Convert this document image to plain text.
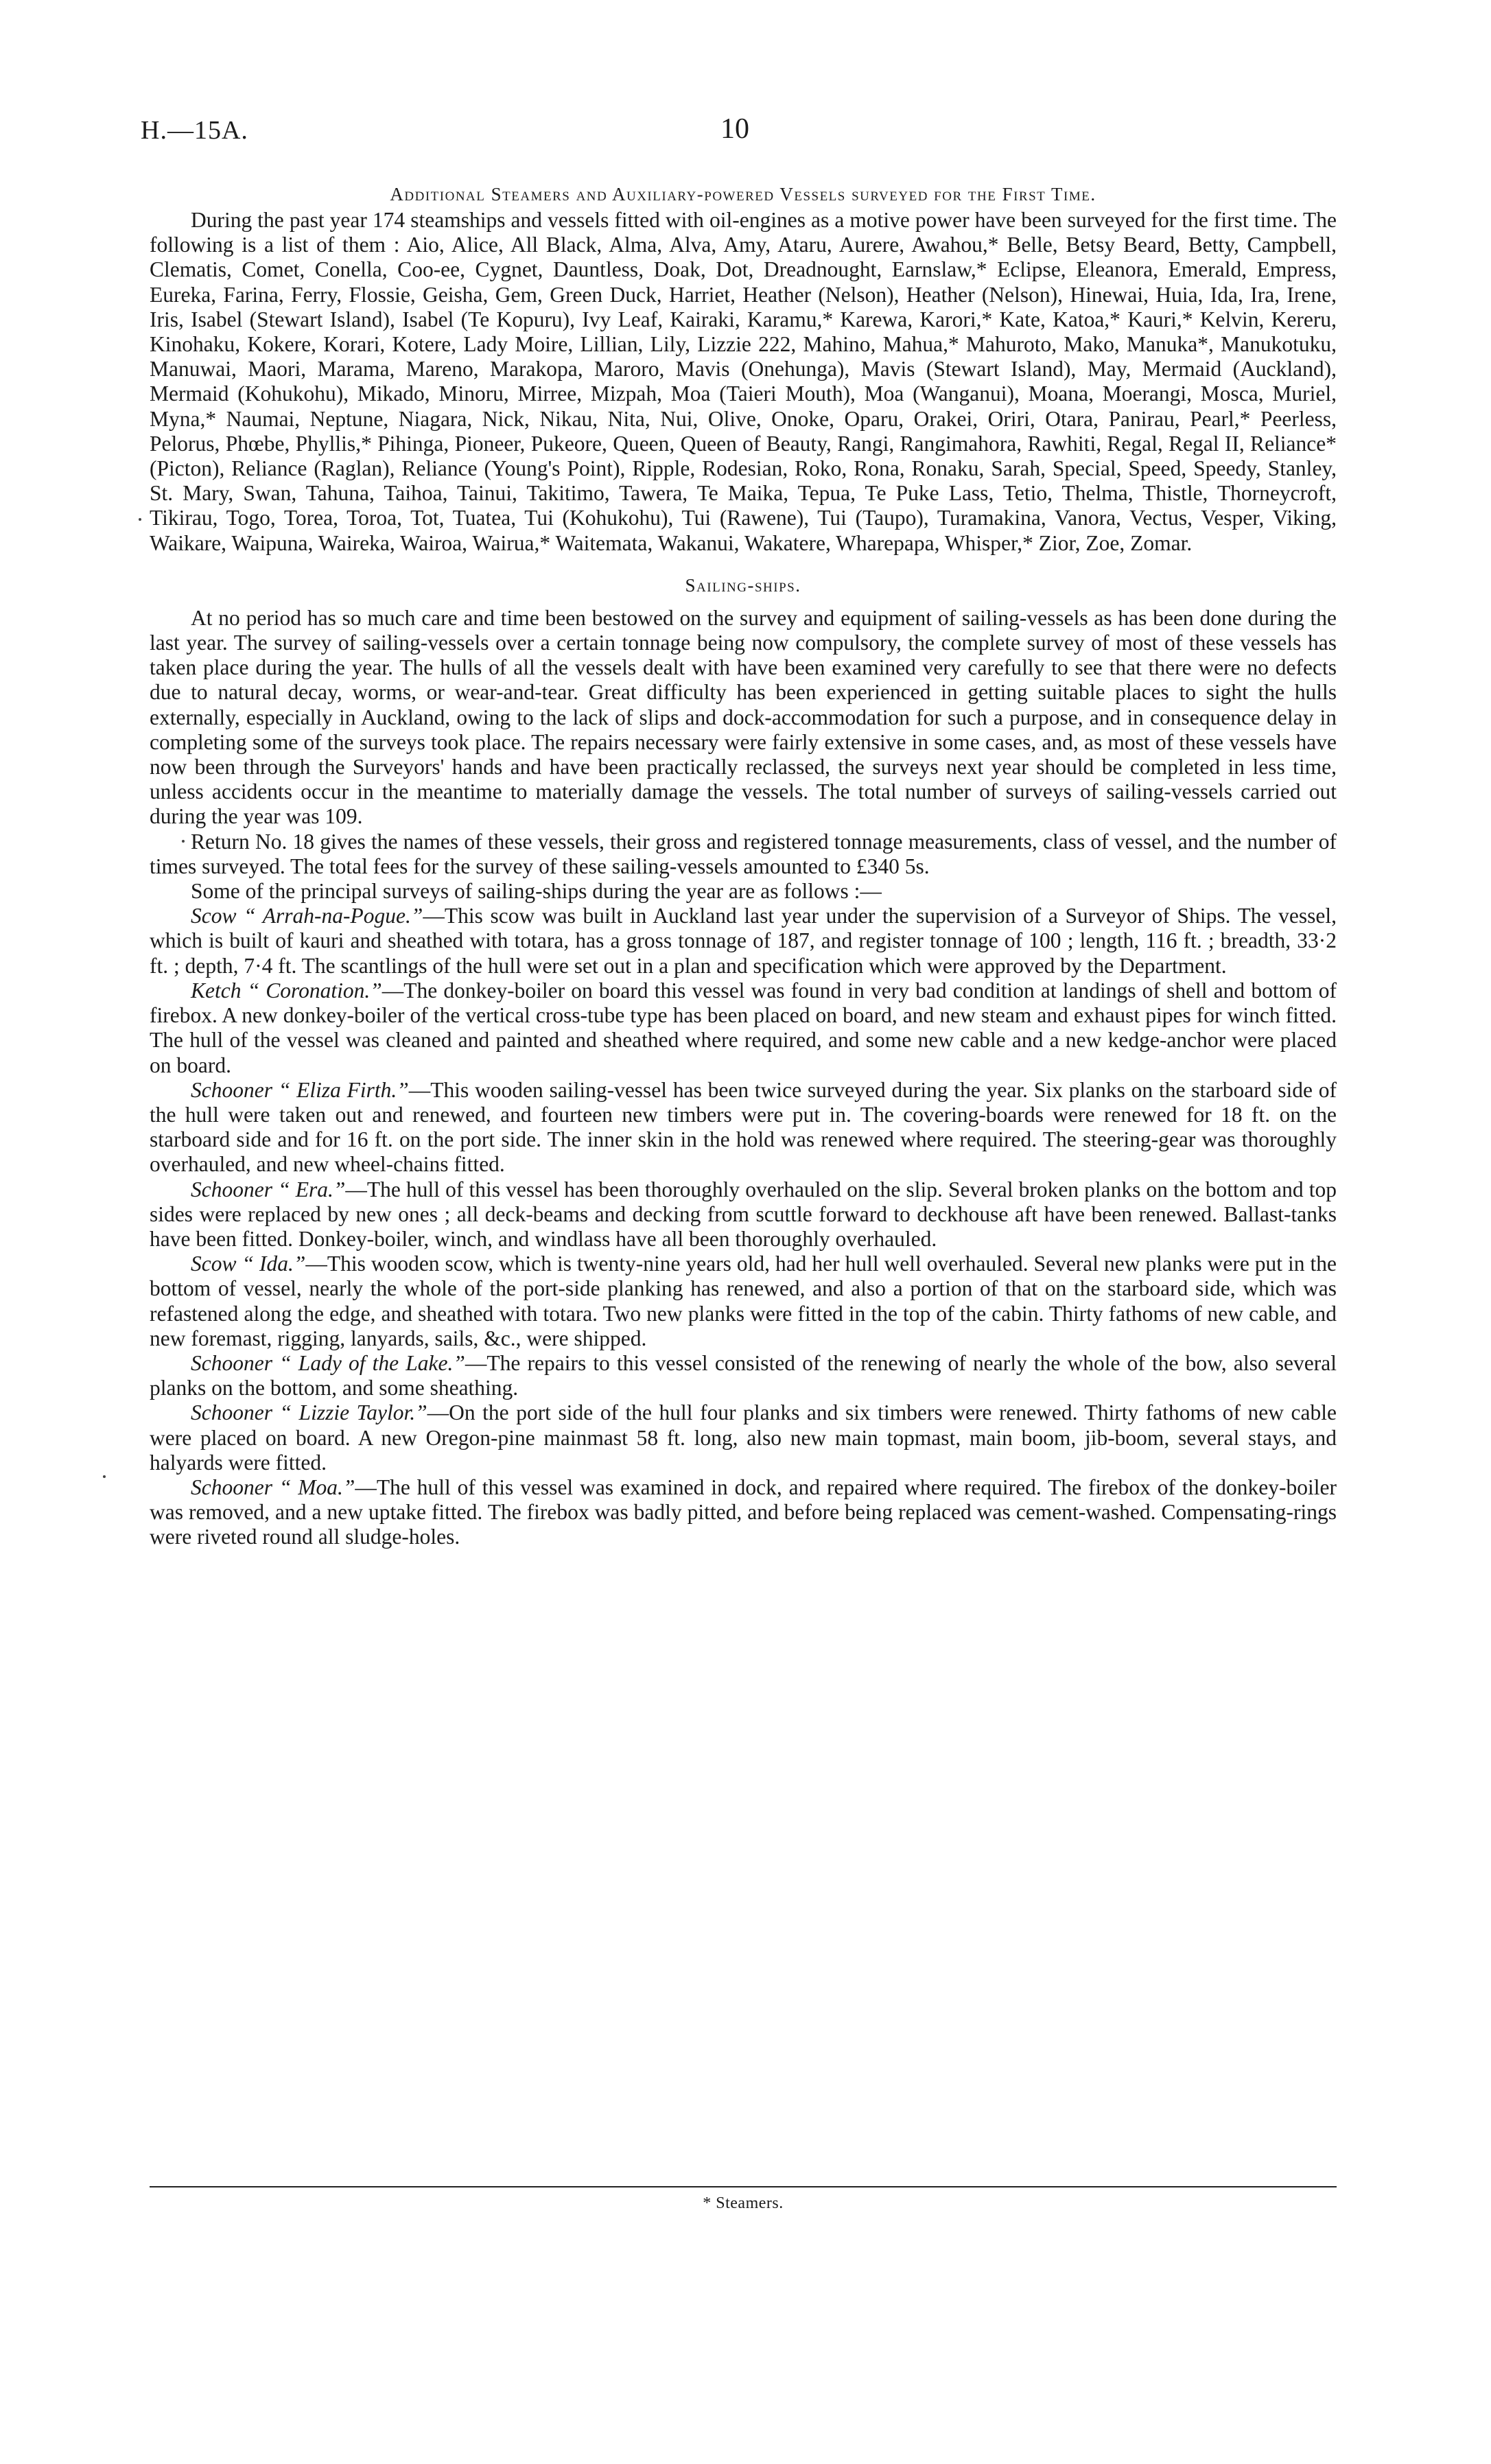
H.—15A.	10
Additional Steamers and Auxiliary-powered Vessels surveyed for the First Time.

During the past year 174 steamships and vessels fitted with oil-engines as a motive power have been surveyed for the first time. The following is a list of them : Aio, Alice, All Black, Alma, Alva, Amy, Ataru, Aurere, Awahou,* Belle, Betsy Beard, Betty, Campbell, Clematis, Comet, Conella, Coo-ee, Cygnet, Dauntless, Doak, Dot, Dreadnought, Earnslaw,* Eclipse, Eleanora, Emerald, Empress, Eureka, Farina, Ferry, Flossie, Geisha, Gem, Green Duck, Harriet, Heather (Nelson), Heather (Nelson), Hinewai, Huia, Ida, Ira, Irene, Iris, Isabel (Stewart Island), Isabel (Te Kopuru), Ivy Leaf, Kairaki, Karamu,* Karewa, Karori,* Kate, Katoa,* Kauri,* Kelvin, Kereru, Kinohaku, Kokere, Korari, Kotere, Lady Moire, Lillian, Lily, Lizzie 222, Mahino, Mahua,* Mahuroto, Mako, Manuka*, Manukotuku, Manuwai, Maori, Marama, Mareno, Marakopa, Maroro, Mavis (Onehunga), Mavis (Stewart Island), May, Mermaid (Auckland), Mermaid (Kohukohu), Mikado, Minoru, Mirree, Mizpah, Moa (Taieri Mouth), Moa (Wanganui), Moana, Moerangi, Mosca, Muriel, Myna,* Naumai, Neptune, Niagara, Nick, Nikau, Nita, Nui, Olive, Onoke, Oparu, Orakei, Oriri, Otara, Panirau, Pearl,* Peerless, Pelorus, Phœbe, Phyllis,* Pihinga, Pioneer, Pukeore, Queen, Queen of Beauty, Rangi, Rangimahora, Rawhiti, Regal, Regal II, Reliance* (Picton), Reliance (Raglan), Reliance (Young's Point), Ripple, Rodesian, Roko, Rona, Ronaku, Sarah, Special, Speed, Speedy, Stanley, St. Mary, Swan, Tahuna, Taihoa, Tainui, Takitimo, Tawera, Te Maika, Tepua, Te Puke Lass, Tetio, Thelma, Thistle, Thorneycroft, Tikirau, Togo, Torea, Toroa, Tot, Tuatea, Tui (Kohukohu), Tui (Rawene), Tui (Taupo), Turamakina, Vanora, Vectus, Vesper, Viking, Waikare, Waipuna, Waireka, Wairoa, Wairua,* Waitemata, Wakanui, Wakatere, Wharepapa, Whisper,* Zior, Zoe, Zomar.

Sailing-ships.

At no period has so much care and time been bestowed on the survey and equipment of sailing-vessels as has been done during the last year. The survey of sailing-vessels over a certain tonnage being now compulsory, the complete survey of most of these vessels has taken place during the year. The hulls of all the vessels dealt with have been examined very carefully to see that there were no defects due to natural decay, worms, or wear-and-tear. Great difficulty has been experienced in getting suitable places to sight the hulls externally, especially in Auckland, owing to the lack of slips and dock-accommodation for such a purpose, and in consequence delay in completing some of the surveys took place. The repairs necessary were fairly extensive in some cases, and, as most of these vessels have now been through the Surveyors' hands and have been practically reclassed, the surveys next year should be completed in less time, unless accidents occur in the meantime to materially damage the vessels. The total number of surveys of sailing-vessels carried out during the year was 109.

Return No. 18 gives the names of these vessels, their gross and registered tonnage measurements, class of vessel, and the number of times surveyed. The total fees for the survey of these sailing-vessels amounted to £340 5s.

Some of the principal surveys of sailing-ships during the year are as follows :—

Scow “ Arrah-na-Pogue.”—This scow was built in Auckland last year under the supervision of a Surveyor of Ships. The vessel, which is built of kauri and sheathed with totara, has a gross tonnage of 187, and register tonnage of 100 ; length, 116 ft. ; breadth, 33·2 ft. ; depth, 7·4 ft. The scantlings of the hull were set out in a plan and specification which were approved by the Department.

Ketch “ Coronation.”—The donkey-boiler on board this vessel was found in very bad condition at landings of shell and bottom of firebox. A new donkey-boiler of the vertical cross-tube type has been placed on board, and new steam and exhaust pipes for winch fitted. The hull of the vessel was cleaned and painted and sheathed where required, and some new cable and a new kedge-anchor were placed on board.

Schooner “ Eliza Firth.”—This wooden sailing-vessel has been twice surveyed during the year. Six planks on the starboard side of the hull were taken out and renewed, and fourteen new timbers were put in. The covering-boards were renewed for 18 ft. on the starboard side and for 16 ft. on the port side. The inner skin in the hold was renewed where required. The steering-gear was thoroughly overhauled, and new wheel-chains fitted.

Schooner “ Era.”—The hull of this vessel has been thoroughly overhauled on the slip. Several broken planks on the bottom and top sides were replaced by new ones ; all deck-beams and decking from scuttle forward to deckhouse aft have been renewed. Ballast-tanks have been fitted. Donkey-boiler, winch, and windlass have all been thoroughly overhauled.

Scow “ Ida.”—This wooden scow, which is twenty-nine years old, had her hull well overhauled. Several new planks were put in the bottom of vessel, nearly the whole of the port-side planking has renewed, and also a portion of that on the starboard side, which was refastened along the edge, and sheathed with totara. Two new planks were fitted in the top of the cabin. Thirty fathoms of new cable, and new foremast, rigging, lanyards, sails, &c., were shipped.

Schooner “ Lady of the Lake.”—The repairs to this vessel consisted of the renewing of nearly the whole of the bow, also several planks on the bottom, and some sheathing.

Schooner “ Lizzie Taylor.”—On the port side of the hull four planks and six timbers were renewed. Thirty fathoms of new cable were placed on board. A new Oregon-pine mainmast 58 ft. long, also new main topmast, main boom, jib-boom, several stays, and halyards were fitted.

Schooner “ Moa.”—The hull of this vessel was examined in dock, and repaired where required. The firebox of the donkey-boiler was removed, and a new uptake fitted. The firebox was badly pitted, and before being replaced was cement-washed. Compensating-rings were riveted round all sludge-holes.

* Steamers.
